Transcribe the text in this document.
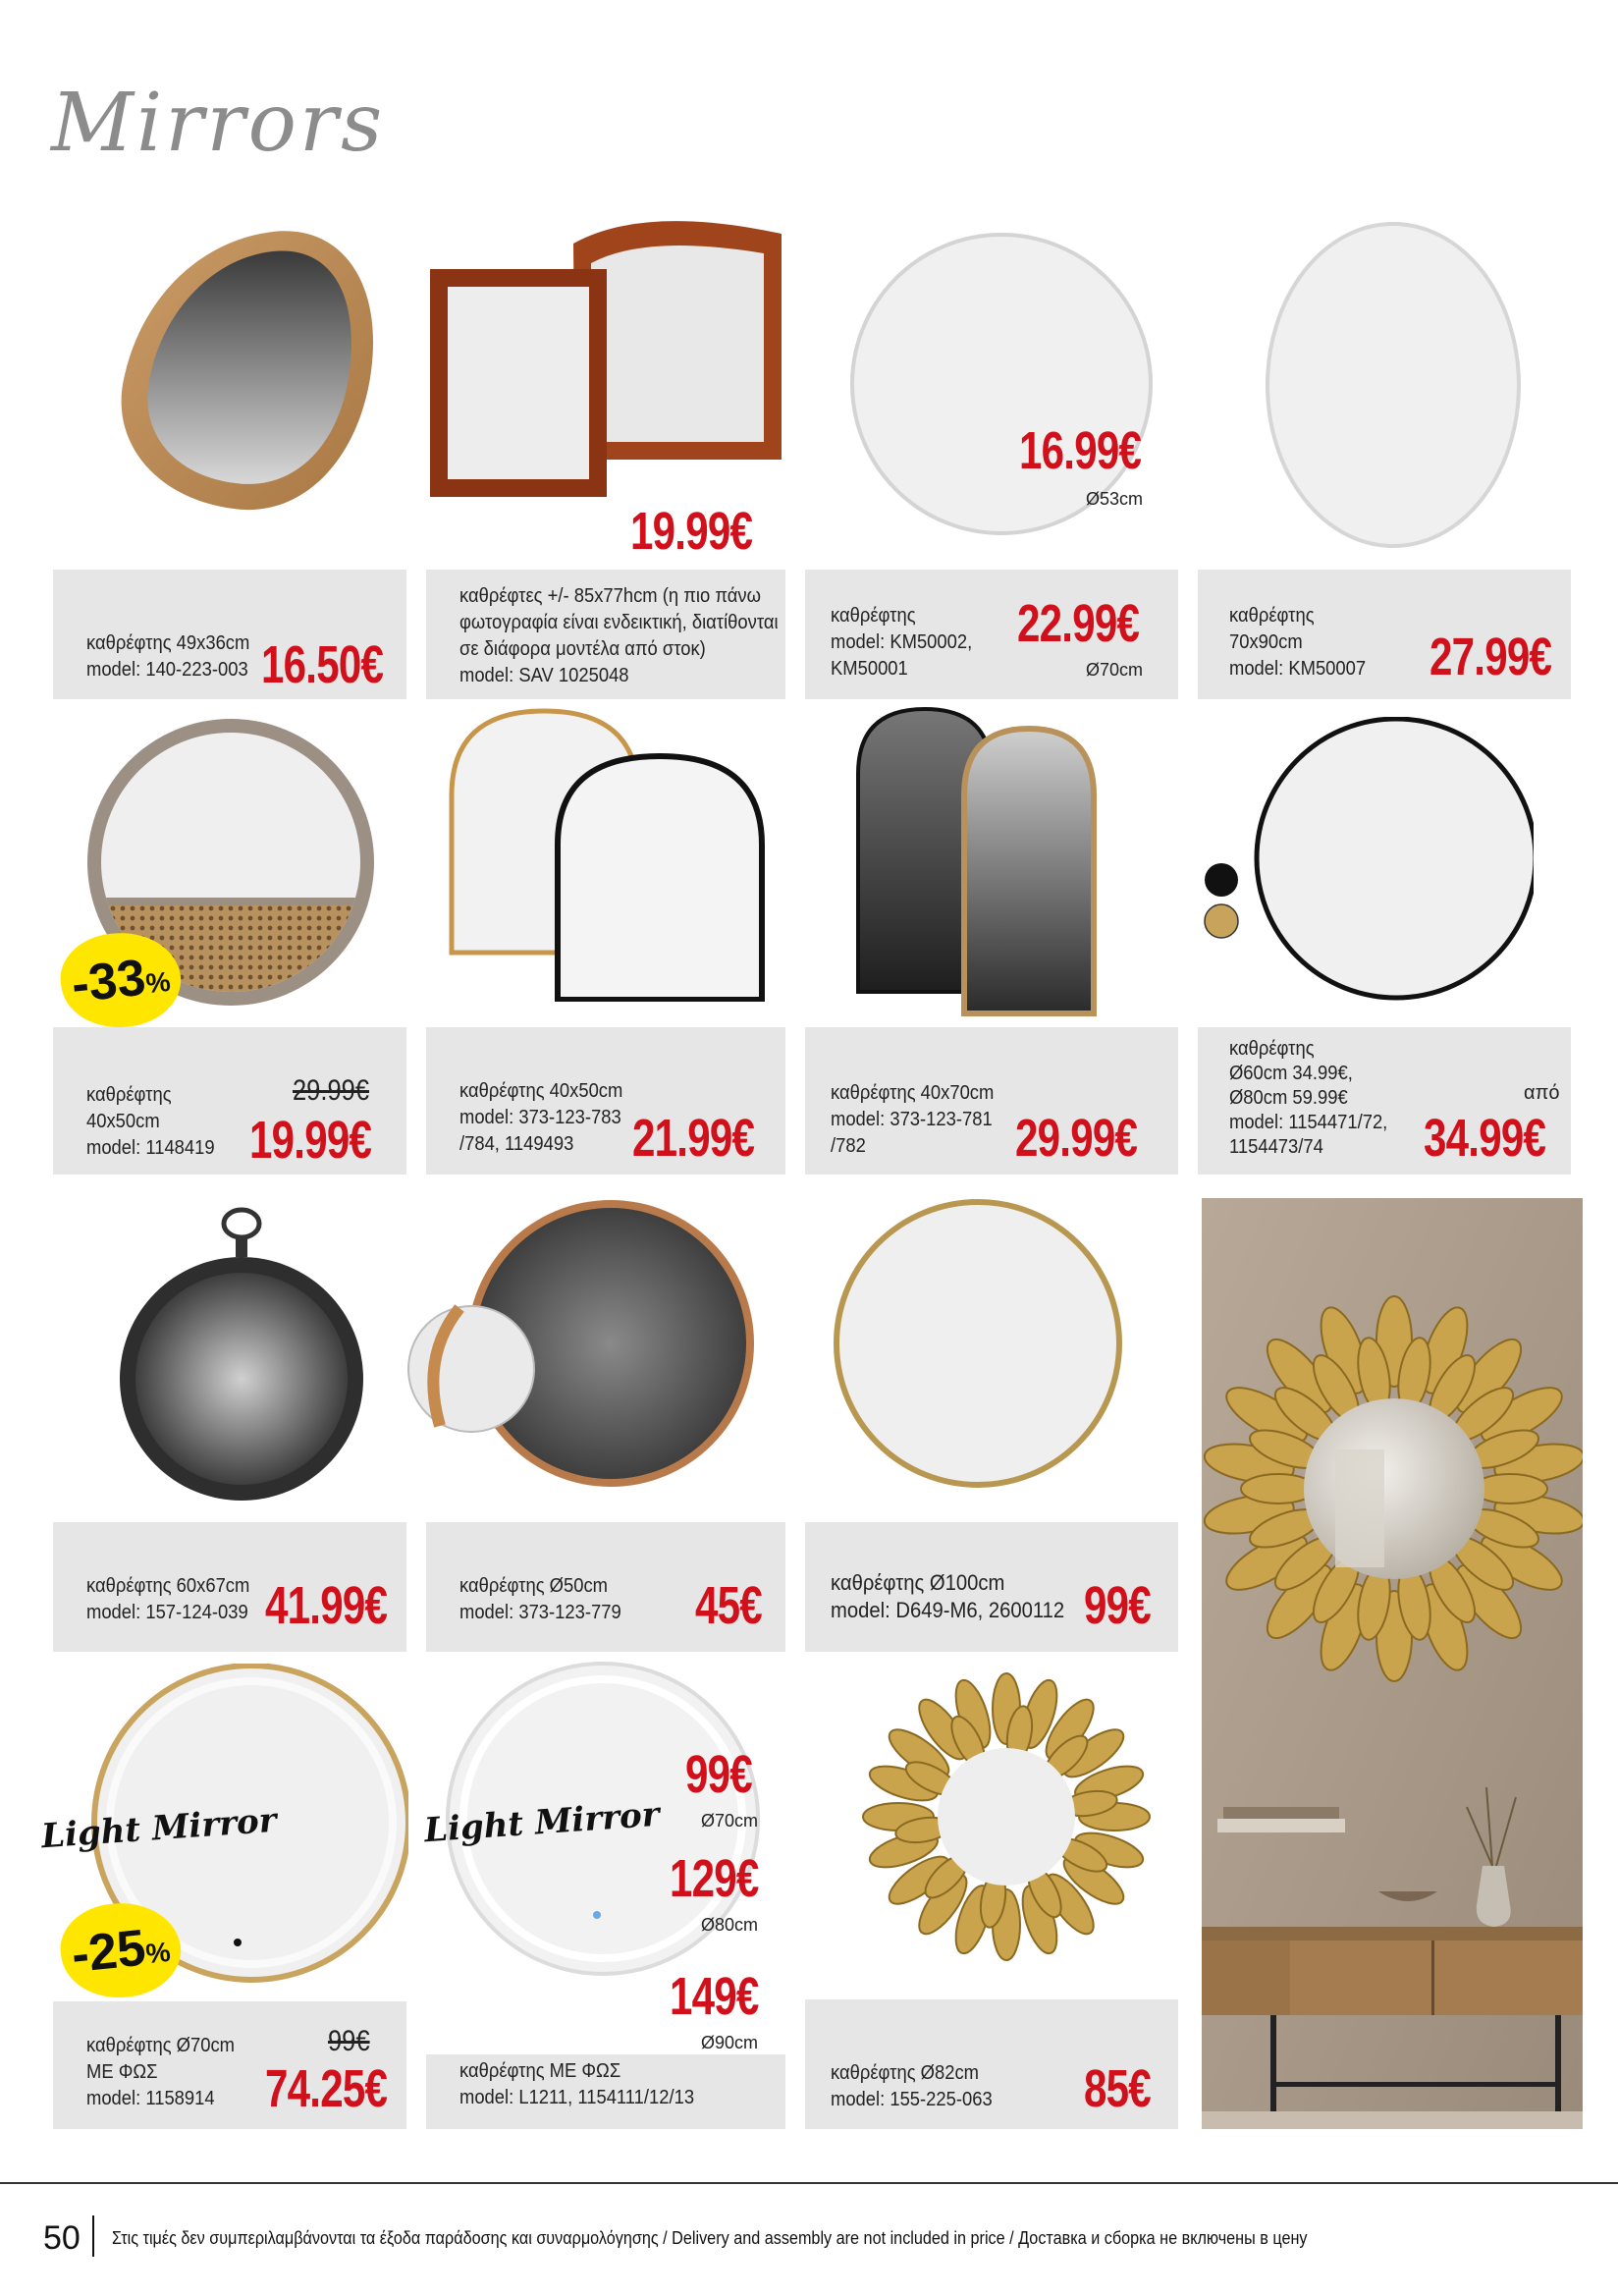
Mirrors
19.99€
16.99€
Ø53cm
καθρέφτης 49x36cm
model: 140-223-003 16.50€
καθρέφτες +/- 85x77hcm (η πιο πάνω
φωτογραφία είναι ενδεικτική, διατίθονται
σε διάφορα μοντέλα από στοκ)
model: SAV 1025048
καθρέφτης
model: KM50002,
KM50001
22.99€
Ø70cm
καθρέφτης
70x90cm
model: KM50007 27.99€
-33
%
καθρέφτης
40x50cm
model: 1148419
29.99€
19.99€
καθρέφτης 40x50cm
model: 373-123-783
/784, 1149493	21.99€
καθρέφτης 40x70cm
model: 373-123-781
/782	29.99€
καθρέφτης
Ø60cm 34.99€,
Ø80cm 59.99€
model: 1154471/72,
1154473/74
από
34.99€
καθρέφτης 60x67cm
model: 157-124-039 41.99€	καθρέφτης Ø50cm
model: 373-123-779 45€	καθρέφτης Ø100cm
model: D649-M6, 2600112 99€
Light Mirror
-25
%
Light Mirror
99€
Ø70cm
129€
Ø80cm
149€
Ø90cm
καθρέφτης Ø70cm
ΜΕ ΦΩΣ
model: 1158914
99€
74.25€	καθρέφτης ΜΕ ΦΩΣ
model: L1211, 1154111/12/13
καθρέφτης Ø82cm
model: 155-225-063 85€
50 Στις τιμές δεν συμπεριλαμβάνονται τα έξοδα παράδοσης και συναρμολόγησης / Delivery and assembly are not included in price / Доставка и сборка не включены в цену
